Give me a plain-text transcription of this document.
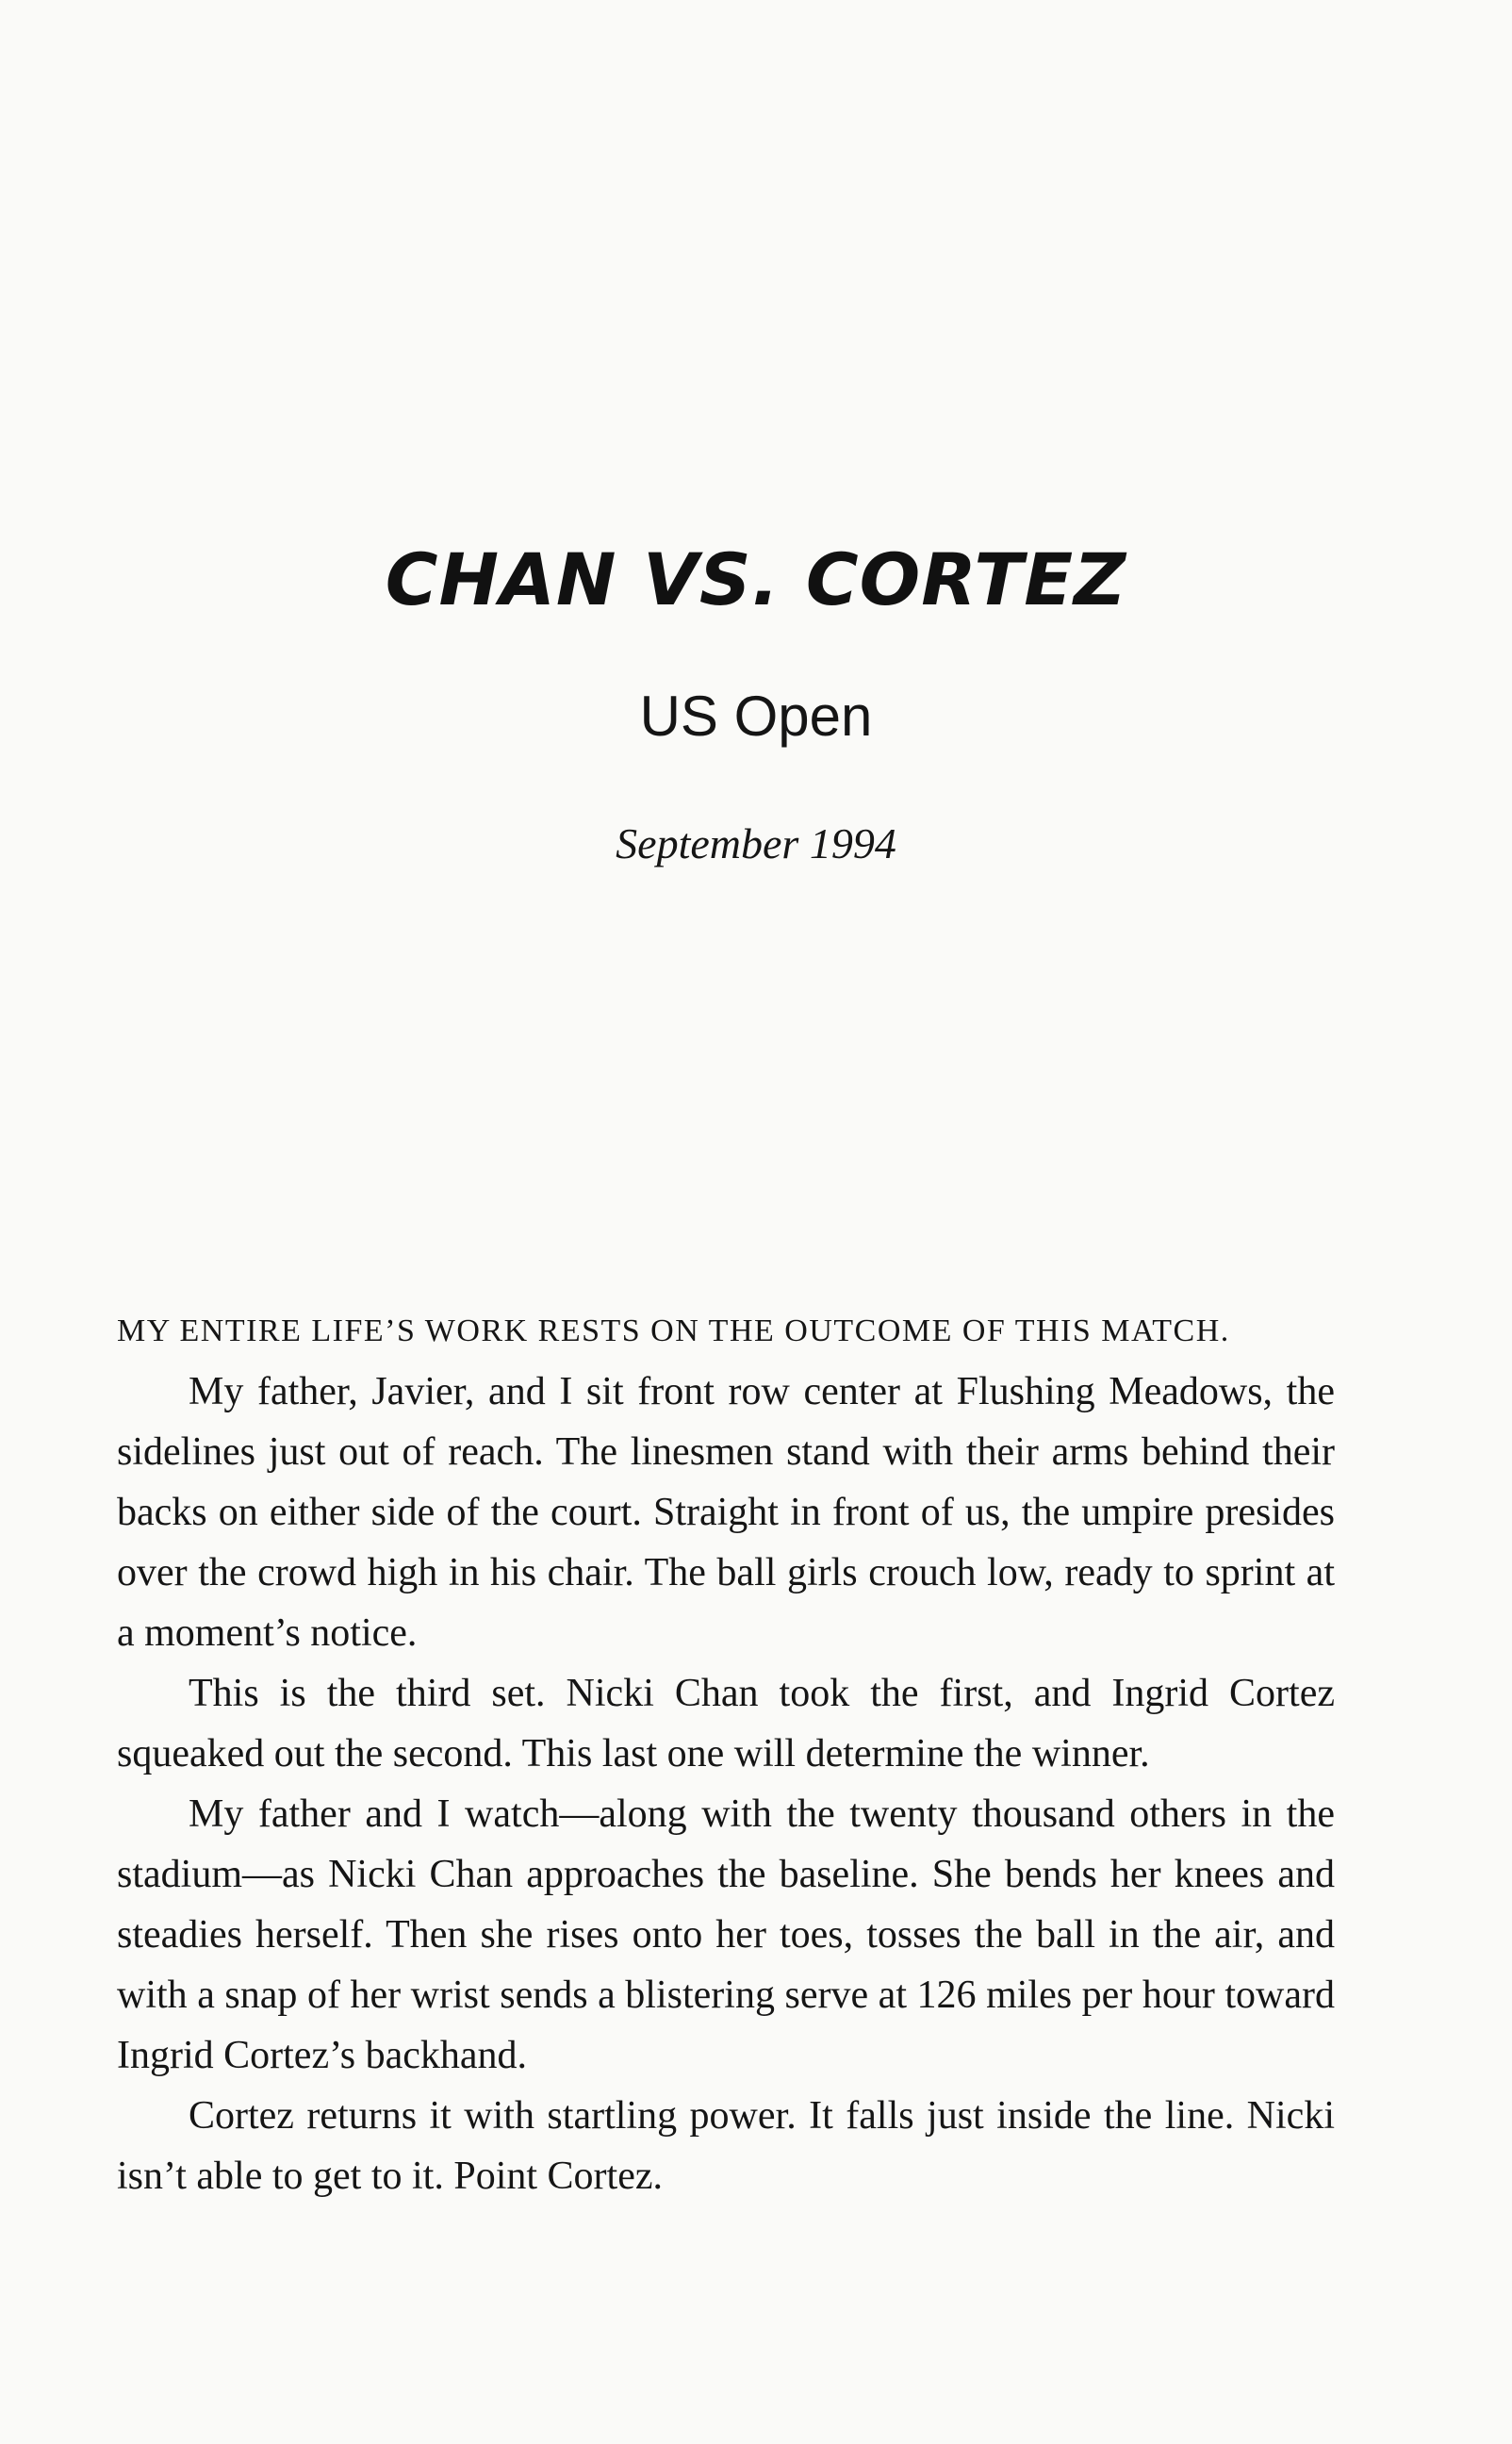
CHAN VS. CORTEZ
US Open
September 1994
MY ENTIRE LIFE’S WORK RESTS ON THE OUTCOME OF THIS MATCH.

My father, Javier, and I sit front row center at Flushing Meadows, the sidelines just out of reach. The linesmen stand with their arms behind their backs on either side of the court. Straight in front of us, the umpire presides over the crowd high in his chair. The ball girls crouch low, ready to sprint at a moment’s notice.

This is the third set. Nicki Chan took the first, and Ingrid Cortez squeaked out the second. This last one will determine the winner.

My father and I watch—along with the twenty thousand others in the stadium—as Nicki Chan approaches the baseline. She bends her knees and steadies herself. Then she rises onto her toes, tosses the ball in the air, and with a snap of her wrist sends a blistering serve at 126 miles per hour toward Ingrid Cortez’s backhand.

Cortez returns it with startling power. It falls just inside the line. Nicki isn’t able to get to it. Point Cortez.
